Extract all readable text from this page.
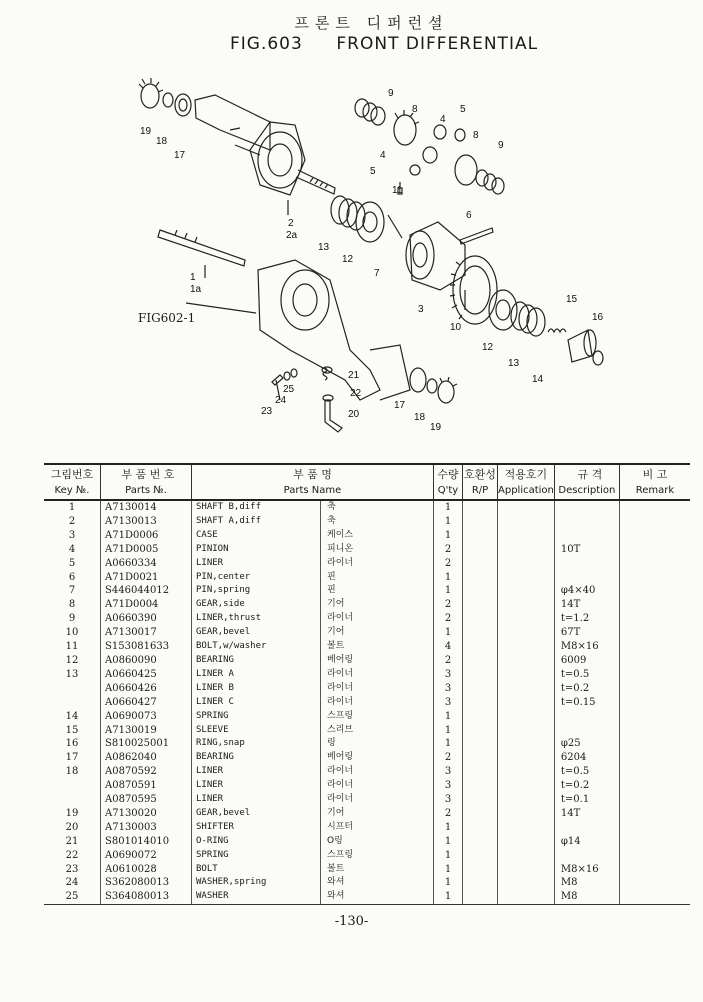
프론트 디퍼런셜
FIG.603 FRONT DIFFERENTIAL
19
18
17
9
8	5
4
8
9
4
5
11
2
2a
13
12
7
6
1
1a
3
10
15
16
12
13
14
21
22
25
24
23	20
17
18
19
FIG602-1
그림번호	부 품 번 호	부 품 명		수량	호환성	적용호기	규 격	비 고
Key №.	Parts №.	Parts Name		Q'ty	R/P	Application	Description	Remark
1	A7130014	SHAFT B,diff	축	1				
2	A7130013	SHAFT A,diff	축	1				
3	A71D0006	CASE	케이스	1				
4	A71D0005	PINION	피니온	2			10T	
5	A0660334	LINER	라이너	2				
6	A71D0021	PIN,center	핀	1				
7	S446044012	PIN,spring	핀	1			φ4×40	
8	A71D0004	GEAR,side	기어	2			14T	
9	A0660390	LINER,thrust	라이너	2			t=1.2	
10	A7130017	GEAR,bevel	기어	1			67T	
11	S153081633	BOLT,w/washer	볼트	4			M8×16	
12	A0860090	BEARING	베어링	2			6009	
13	A0660425	LINER A	라이너	3			t=0.5	
	A0660426	LINER B	라이너	3			t=0.2	
	A0660427	LINER C	라이너	3			t=0.15	
14	A0690073	SPRING	스프링	1				
15	A7130019	SLEEVE	스리브	1				
16	S810025001	RING,snap	링	1			φ25	
17	A0862040	BEARING	베어링	2			6204	
18	A0870592	LINER	라이너	3			t=0.5	
	A0870591	LINER	라이너	3			t=0.2	
	A0870595	LINER	라이너	3			t=0.1	
19	A7130020	GEAR,bevel	기어	2			14T	
20	A7130003	SHIFTER	시프터	1				
21	S801014010	O-RING	O링	1			φ14	
22	A0690072	SPRING	스프링	1				
23	A0610028	BOLT	볼트	1			M8×16	
24	S362080013	WASHER,spring	와셔	1			M8	
25	S364080013	WASHER	와셔	1			M8	
-130-
